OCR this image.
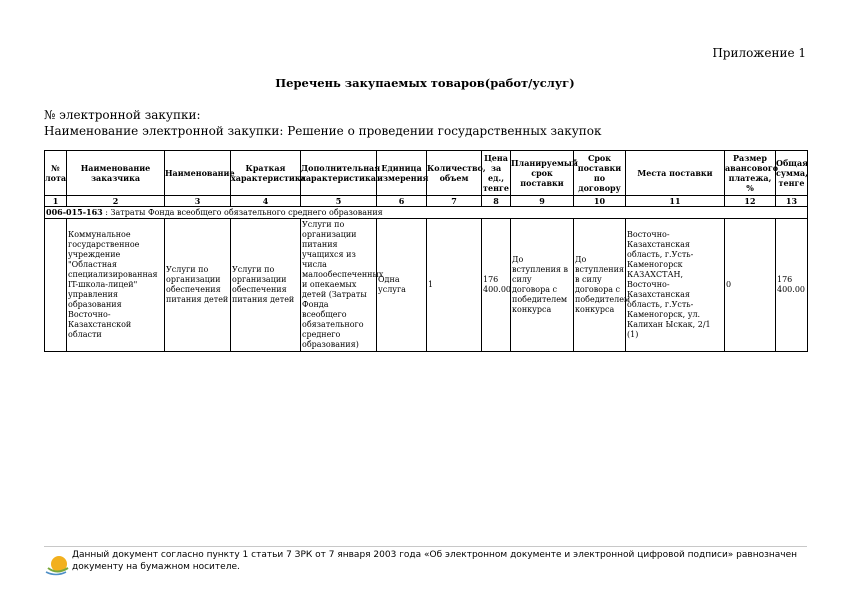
Приложение 1
Перечень закупаемых товаров(работ/услуг)
№ электронной закупки:
Наименование электронной закупки: Решение о проведении государственных закупок
№ лота	Наименование заказчика	Наименование	Краткая характеристика	Дополнительная характеристика	Единица измерения	Количество, объем	Цена за ед., тенге	Планируемый срок поставки	Срок поставки по договору	Места поставки	Размер авансового платежа, %	Общая сумма, тенге
1	2	3	4	5	6	7	8	9	10	11	12	13
006-015-163 : Затраты Фонда всеобщего обязательного среднего образования												
	Коммунальное государственное учреждение "Областная специализированная IT-школа-лицей" управления образования Восточно-Казахстанской области	Услуги по организации обеспечения питания детей	Услуги по организации обеспечения питания детей	Услуги по организации питания учащихся из числа малообеспеченных и опекаемых детей (Затраты Фонда всеобщего обязательного среднего образования)	Одна услуга	1	176 400.00	До вступления в силу договора с победителем конкурса	До вступления в силу договора с победителем конкурса	Восточно-Казахстанская область, г.Усть-Каменогорск КАЗАХСТАН, Восточно-Казахстанская область, г.Усть-Каменогорск, ул. Калихан Ыскак, 2/1 (1)	0	176 400.00
Данный документ согласно пункту 1 статьи 7 ЗРК от 7 января 2003 года «Об электронном документе и электронной цифровой подписи» равнозначен документу на бумажном носителе.
